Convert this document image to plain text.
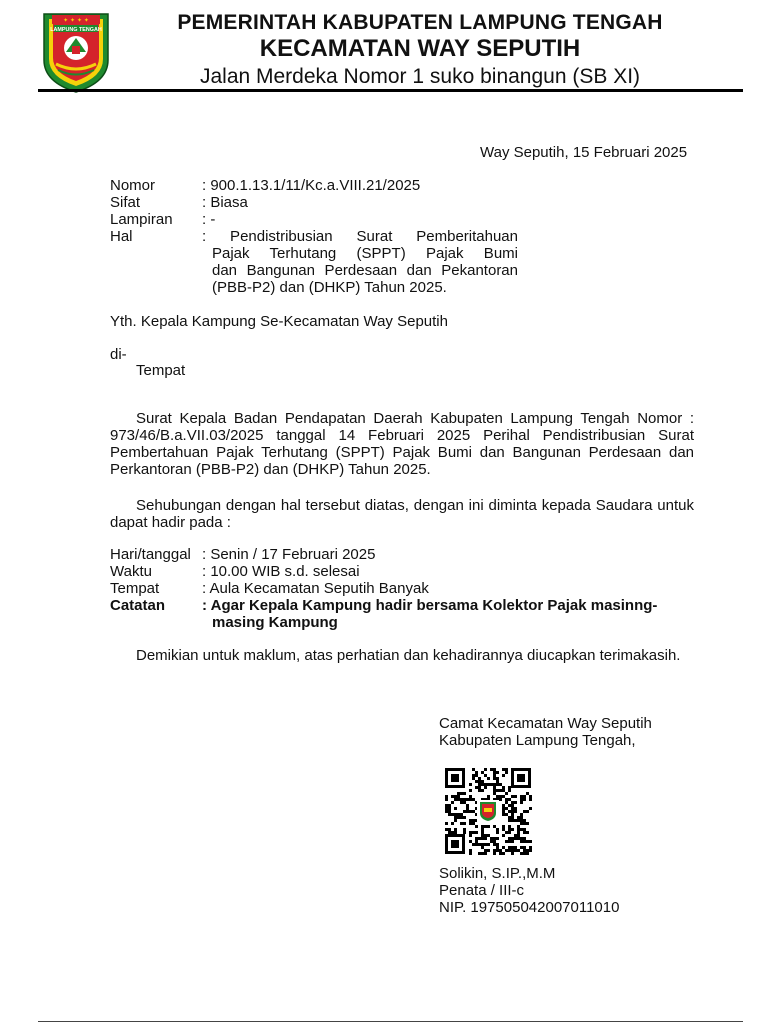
✦ ✦ ✦ ✦
LAMPUNG TENGAH	PEMERINTAH KABUPATEN LAMPUNG TENGAH
KECAMATAN WAY SEPUTIH
Jalan Merdeka Nomor 1 suko binangun (SB XI)
Way Seputih, 15 Februari 2025
Nomor	: 900.1.13.1/11/Kc.a.VIII.21/2025
Sifat	: Biasa
Lampiran	: -
Hal	: Pendistribusian Surat Pemberitahuan
Pajak Terhutang (SPPT) Pajak Bumi
dan Bangunan Perdesaan dan Pekantoran
(PBB-P2) dan (DHKP) Tahun 2025.
Yth. Kepala Kampung Se-Kecamatan Way Seputih
di-
Tempat
Surat Kepala Badan Pendapatan Daerah Kabupaten Lampung Tengah Nomor : 973/46/B.a.VII.03/2025 tanggal 14 Februari 2025 Perihal Pendistribusian Surat Pembertahuan Pajak Terhutang (SPPT) Pajak Bumi dan Bangunan Perdesaan dan Perkantoran (PBB-P2) dan (DHKP) Tahun 2025.
Sehubungan dengan hal tersebut diatas, dengan ini diminta kepada Saudara untuk dapat hadir pada :
Hari/tanggal : Senin / 17 Februari 2025
Waktu	: 10.00 WIB s.d. selesai
Tempat	: Aula Kecamatan Seputih Banyak
Catatan	: Agar Kepala Kampung hadir bersama Kolektor Pajak masinng-
masing Kampung
Demikian untuk maklum, atas perhatian dan kehadirannya diucapkan terimakasih.
Camat Kecamatan Way Seputih
Kabupaten Lampung Tengah,
Solikin, S.IP.,M.M
Penata / III-c
NIP. 197505042007011010
